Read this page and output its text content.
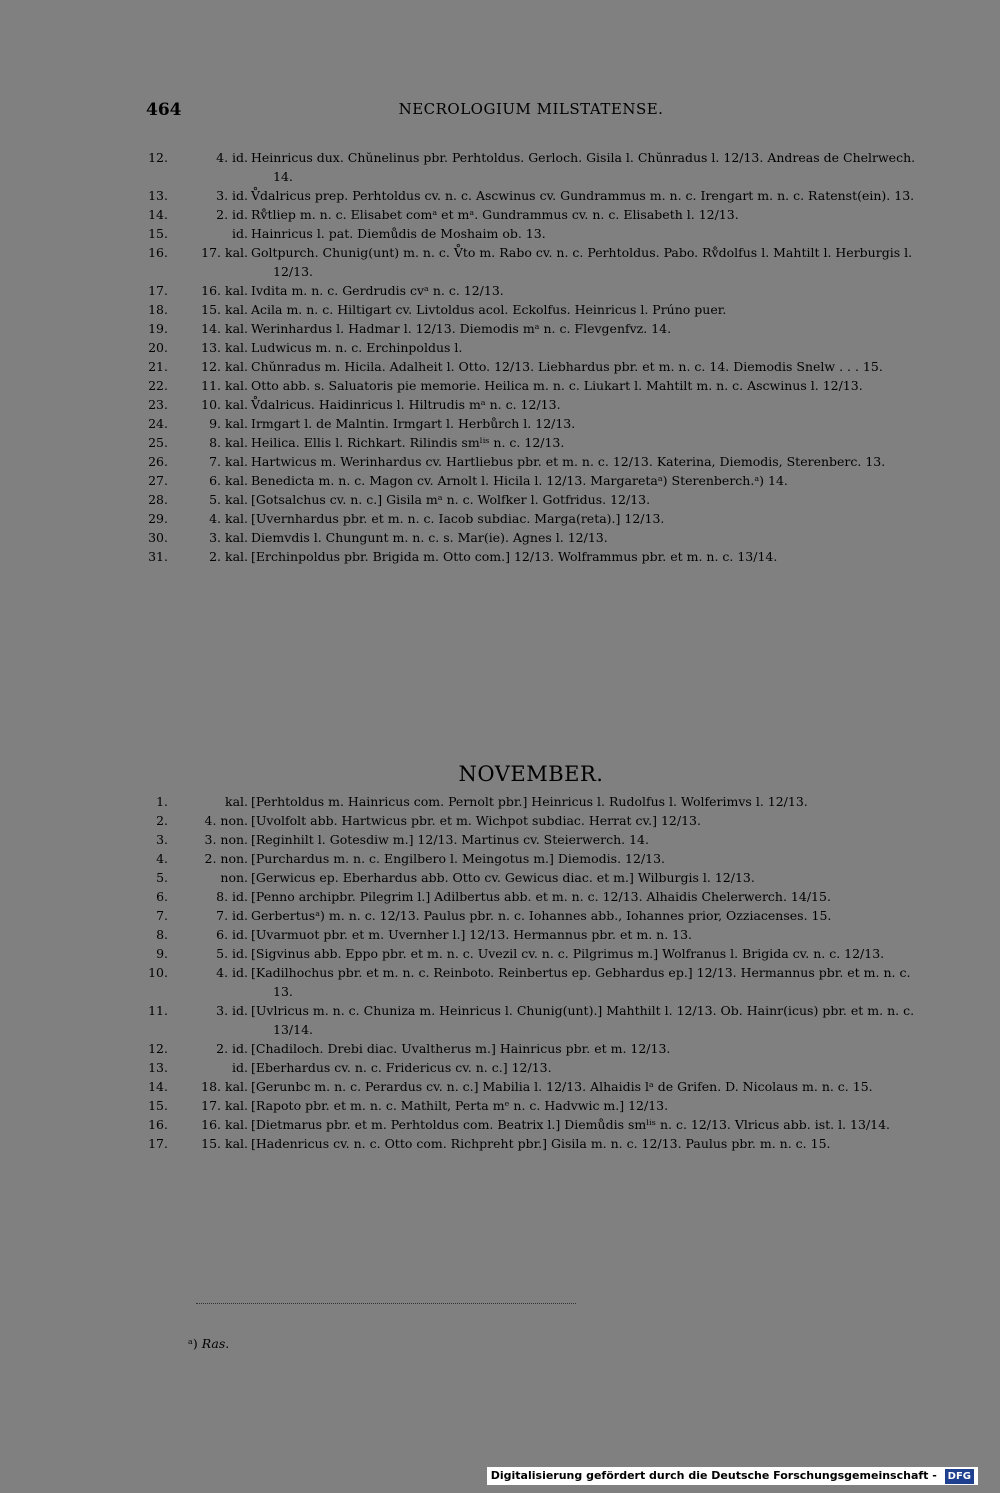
464	NECROLOGIUM MILSTATENSE.
12.	4. id. Heinricus dux. Chŭnelinus pbr. Perhtoldus. Gerloch. Gisila l. Chŭnradus l. 12/13. Andreas de Chelrwech. 14.
13.	3. id. V̊dalricus prep. Perhtoldus cv. n. c. Ascwinus cv. Gundrammus m. n. c. Irengart m. n. c. Ratenst(ein). 13.
14.	2. id. Rv̊tliep m. n. c. Elisabet comᵃ et mᵃ. Gundrammus cv. n. c. Elisabeth l. 12/13.
15.	id. Hainricus l. pat. Diemůdis de Moshaim ob. 13.
16.	17. kal. Goltpurch. Chunig(unt) m. n. c. V̊to m. Rabo cv. n. c. Perhtoldus. Pabo. Rv̊dolfus l. Mahtilt l. Herburgis l. 12/13.
17.	16. kal. Ivdita m. n. c. Gerdrudis cvᵃ n. c. 12/13.
18.	15. kal. Acila m. n. c. Hiltigart cv. Livtoldus acol. Eckolfus. Heinricus l. Prúno puer.
19.	14. kal. Werinhardus l. Hadmar l. 12/13. Diemodis mᵃ n. c. Flevgenfvz. 14.
20.	13. kal. Ludwicus m. n. c. Erchinpoldus l.
21.	12. kal. Chŭnradus m. Hicila. Adalheit l. Otto. 12/13. Liebhardus pbr. et m. n. c. 14. Diemodis Snelw . . . 15.
22.	11. kal. Otto abb. s. Saluatoris pie memorie. Heilica m. n. c. Liukart l. Mahtilt m. n. c. Ascwinus l. 12/13.
23.	10. kal. V̊dalricus. Haidinricus l. Hiltrudis mᵃ n. c. 12/13.
24.	9. kal. Irmgart l. de Malntin. Irmgart l. Herbůrch l. 12/13.
25.	8. kal. Heilica. Ellis l. Richkart. Rilindis smˡⁱˢ n. c. 12/13.
26.	7. kal. Hartwicus m. Werinhardus cv. Hartliebus pbr. et m. n. c. 12/13. Katerina, Diemodis, Sterenberc. 13.
27.	6. kal. Benedicta m. n. c. Magon cv. Arnolt l. Hicila l. 12/13. Margaretaᵃ) Sterenberch.ᵃ) 14.
28.	5. kal. [Gotsalchus cv. n. c.] Gisila mᵃ n. c. Wolfker l. Gotfridus. 12/13.
29.	4. kal. [Uvernhardus pbr. et m. n. c. Iacob subdiac. Marga(reta).] 12/13.
30.	3. kal. Diemvdis l. Chungunt m. n. c. s. Mar(ie). Agnes l. 12/13.
31.	2. kal. [Erchinpoldus pbr. Brigida m. Otto com.] 12/13. Wolframmus pbr. et m. n. c. 13/14.
NOVEMBER.
1.	kal. [Perhtoldus m. Hainricus com. Pernolt pbr.] Heinricus l. Rudolfus l. Wolferimvs l. 12/13.
2.	4. non. [Uvolfolt abb. Hartwicus pbr. et m. Wichpot subdiac. Herrat cv.] 12/13.
3.	3. non. [Reginhilt l. Gotesdiw m.] 12/13. Martinus cv. Steierwerch. 14.
4.	2. non. [Purchardus m. n. c. Engilbero l. Meingotus m.] Diemodis. 12/13.
5.	non. [Gerwicus ep. Eberhardus abb. Otto cv. Gewicus diac. et m.] Wilburgis l. 12/13.
6.	8. id. [Penno archipbr. Pilegrim l.] Adilbertus abb. et m. n. c. 12/13. Alhaidis Chelerwerch. 14/15.
7.	7. id. Gerbertusᵃ) m. n. c. 12/13. Paulus pbr. n. c. Iohannes abb., Iohannes prior, Ozziacenses. 15.
8.	6. id. [Uvarmuot pbr. et m. Uvernher l.] 12/13. Hermannus pbr. et m. n. 13.
9.	5. id. [Sigvinus abb. Eppo pbr. et m. n. c. Uvezil cv. n. c. Pilgrimus m.] Wolfranus l. Brigida cv. n. c. 12/13.
10.	4. id. [Kadilhochus pbr. et m. n. c. Reinboto. Reinbertus ep. Gebhardus ep.] 12/13. Hermannus pbr. et m. n. c. 13.
11.	3. id. [Uvlricus m. n. c. Chuniza m. Heinricus l. Chunig(unt).] Mahthilt l. 12/13. Ob. Hainr(icus) pbr. et m. n. c. 13/14.
12.	2. id. [Chadiloch. Drebi diac. Uvaltherus m.] Hainricus pbr. et m. 12/13.
13.	id. [Eberhardus cv. n. c. Fridericus cv. n. c.] 12/13.
14.	18. kal. [Gerunbc m. n. c. Perardus cv. n. c.] Mabilia l. 12/13. Alhaidis lᵃ de Grifen. D. Nicolaus m. n. c. 15.
15.	17. kal. [Rapoto pbr. et m. n. c. Mathilt, Perta mᵉ n. c. Hadvwic m.] 12/13.
16.	16. kal. [Dietmarus pbr. et m. Perhtoldus com. Beatrix l.] Diemůdis smˡⁱˢ n. c. 12/13. Vlricus abb. ist. l. 13/14.
17.	15. kal. [Hadenricus cv. n. c. Otto com. Richpreht pbr.] Gisila m. n. c. 12/13. Paulus pbr. m. n. c. 15.
ᵃ) Ras.
Digitalisierung gefördert durch die Deutsche Forschungsgemeinschaft - DFG
